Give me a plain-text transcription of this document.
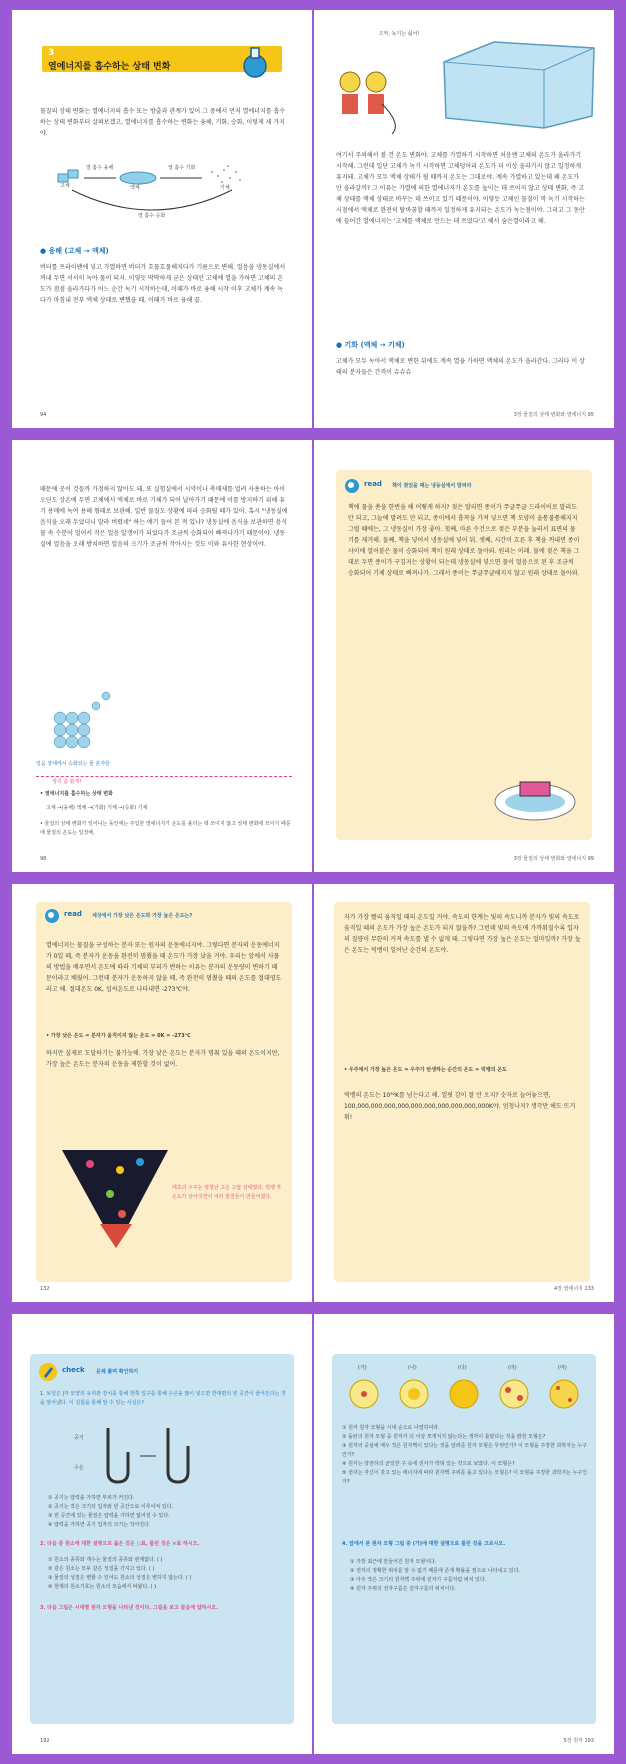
3
열에너지를 흡수하는 상태 변화
물질의 상태 변화는 열에너지의 흡수 또는 방출과 관계가 있어 그 중에서 먼저 열에너지를 흡수하는 상태 변화부터 살펴보겠고, 열에너지를 흡수하는 변화는 융해, 기화, 승화, 이렇게 세 가지야.
고체
열 흡수 융해
액체
열 흡수 기화
기체
열 흡수 승화
● 융해 (고체 → 액체)
버터를 프라이팬에 넣고 가열하면 버터가 흐물흐물해지다가 기름으로 변해. 얼음을 냉동실에서 꺼내 두면 서서히 녹아 물이 되지. 이렇듯 딱딱하게 굳은 상태인 고체에 열을 가하면 고체의 온도가 점점 올라가다가 어느 순간 녹기 시작하는데, 이때가 바로 융해 시작 이후 고체가 계속 녹다가 마침내 전부 액체 상태로 변했을 때, 이때가 바로 융해 끝.
94
으악, 녹기는 싫어!
여기서 주의해서 볼 건 온도 변화야. 고체를 가열하기 시작하면 처음엔 고체의 온도가 올라가기 시작해. 그런데 일단 고체가 녹기 시작하면 고체덩어리 온도가 더 이상 올라가지 않고 일정하게 유지돼. 고체가 모두 액체 상태가 될 때까지 온도는 그대로야. 계속 가열하고 있는데 왜 온도가 안 올라갈까? 그 이유는 가열에 의한 열에너지가 온도를 높이는 데 쓰이지 않고 상태 변화, 즉 고체 상태를 액체 상태로 바꾸는 데 쓰이고 있기 때문이야. 이렇듯 고체인 물질이 막 녹기 시작하는 시점에서 액체로 완전히 탈바꿈할 때까지 일정하게 유지되는 온도가 녹는점이야. 그리고 그 동안에 들어간 열에너지는 '고체를 액체로 만드는 데 쓰였다'고 해서 숨은열이라고 해.
● 기화 (액체 → 기체)
고체가 모두 녹아서 액체로 변한 뒤에도 계속 열을 가하면 액체의 온도가 올라간다. 그러다 이 상태의 분자들은 간격이 슈슈슈
3장 물질의 상태 변화와 열에너지 95
때문에 곳이 것들까 가정하지 않아도 돼. 또 실험실에서 시약이나 축매제를 얼려 사용하는 아이오딘도 상온에 두면 고체에서 액체로 바로 기체가 되어 날아가기 때문에 이를 방지하기 위해 유기 용매에 녹여 용해 형태로 보관해. 일반 물질도 상황에 따라 승화될 때가 있어. 혹시 "냉동실에 음식을 오래 두었더니 말라 버렸네" 하는 얘기 들어 본 적 있나? 냉동실에 음식을 보관하면 음식물 속 수분이 얼어서 작은 얼음 알갱이가 되었다가 조금씩 승화되어 빠져나가기 때문이야. 냉동실에 얼음을 오래 방치하면 얼음의 크기가 조금씩 작아지는 것도 이와 유사한 현상이야.
얼음 상태에서 승화되는 물 분자들
정리 좀 할게!
• 열에너지를 흡수하는 상태 변화
고체 →(융해) 액체 →(기화) 기체 →(승화) 기체
• 물질의 상태 변화가 일어나는 동안에는 주입한 열에너지가 온도를 올리는 데 쓰이지 않고 상태 변화에 쓰이기 때문에 물질의 온도는 일정해.
98
read 책이 젖었을 때는 냉동실에서 말려라
책에 물을 쏟을 한번을 해 어떻게 하지? 젖은 말리면 종이가 쭈글쭈글 드라이어로 말리도 안 되고, 그늘에 말려도 안 되고, 종이에서 흡착을 가져 넣으면 책 모양이 울퉁불퉁해지지 그럴 때에는, 그 냉동실이 가장 좋아. 첫째, 마른 수건으로 젖은 부분을 눌러서 표면의 물기를 제거해. 둘째, 책을 넣어서 냉동실에 넣어 둬. 셋째, 시간이 흐른 후 책을 꺼내면 종이 사이에 얼어붙은 물이 승화되어 책이 원래 상태로 돌아와. 원리는 이래. 물에 젖은 책을 그대로 두면 종이가 구김지는 상황이 되는데 냉동실에 넣으면 물이 얼음으로 된 후 조금씩 승화되어 기체 상태로 빠져나가. 그래서 종이는 쭈글쭈글해지지 않고 원래 상태로 돌아와.
3장 물질의 상태 변화와 열에너지 99
read 세상에서 가장 낮은 온도와 가장 높은 온도는?
열에너지는 물질을 구성하는 분자 또는 원자의 운동에너지야. 그렇다면 분자의 운동에너지가 0일 때, 즉 분자가 운동을 완전히 멈췄을 때 온도가 가장 낮을 거야. 우리는 앞에서 사물의 방법을 배우면서 온도에 따라 기체의 부피가 변하는 이유는 분자의 운동량이 변하기 때문이라고 배웠어. 그런데 분자가 운동하지 않을 때, 즉 완전히 멈췄을 때의 온도를 절대영도라고 해. 절대온도 0K, 섭씨온도로 나타내면 -273℃야.
• 가장 낮은 온도 = 분자가 움직이지 않는 온도 = 0K = -273℃
하지만 실제로 도달하기는 불가능해. 가장 낮은 온도는 분자가 멈춰 있을 때의 온도이지만, 가장 높은 온도는 분자의 운동을 제한할 것이 없어.
태초의 우주는 엄청난 고온 고압 상태였다. 빅뱅 후 온도가 낮아지면서 여러 물질들이 만들어졌다.
132
자가 가장 빨리 움직일 때의 온도일 거야. 속도의 한계는 빛의 속도니까 분자가 빛의 속도로 움직일 때의 온도가 가장 높은 온도가 되지 않을까? 그런데 빛의 속도에 가까워질수록 입자의 질량이 무한히 커져 속도를 낼 수 없게 돼. 그렇다면 가장 높은 온도는 얼마일까? 가장 높은 온도는 빅뱅이 일어난 순간의 온도야.
• 우주에서 가장 높은 온도 = 우주가 탄생하는 순간의 온도 = 빅뱅의 온도
빅뱅의 온도는 10³²K를 넘는다고 해. 얼핏 감이 잘 안 오지? 숫자로 늘어놓으면, 100,000,000,000,000,000,000,000,000,000,000K야. 엄청나지? 생각만 해도 뜨거워!
4장 열에너지 133
check 문제 풀며 확인하기
1. 보일은 J자 모양의 유리관 장치를 통해 한쪽 입구를 통해 수은을 많이 넣으면 반대편의 빈 공간이 줄어든다는 것을 알아냈다. 이 실험을 통해 알 수 있는 사실은?
공기
수은
① 공기는 압력을 가하면 부피가 커진다.
② 공기는 작은 크기의 입자와 빈 공간으로 이루어져 있다.
③ 빈 공간에 있는 물질은 압력을 가하면 없어질 수 있다.
④ 압력을 가하면 공기 입자의 크기는 작아진다.
2. 다음 중 원소에 대한 설명으로 옳은 것은 ○표, 틀린 것은 ×표 하시오.
① 원소의 종류와 개수는 물질의 종류와 관계없다. ( )
② 같은 원소는 모두 같은 성질을 가지고 있다. ( )
③ 물질의 성질은 변할 수 있어도 원소의 성질은 변하지 않는다. ( )
④ 현재의 원소기호는 원소의 모습에서 따왔다. ( )
3. 다음 그림은 시대별 원자 모형을 나타낸 것이다. 그림을 보고 물음에 답하시오.
192
(가)	(나)	(다)	(라)	(마)
① 원자 원자 모형을 시대 순으로 나열하여라.
② 돌턴의 원자 모형 중 원자가 더 이상 쪼개지지 않는다는 생각이 틀렸다는 것을 밝힌 모형은?
③ 원자의 중심에 매우 작은 원자핵이 있다는 것을 알려준 원자 모형은 무엇인가? 이 모형을 주장한 과학자는 누구인가?
④ 원자는 양전하의 균일한 구 속에 전자가 박혀 있는 것으로 보았다. 이 모형은?
⑤ 전자는 자신이 갖고 있는 에너지에 따라 원자핵 주위를 돌고 있다는 모형은? 이 모형을 주장한 과학자는 누구인가?
4. 앞에서 본 원자 모형 그림 중 (가)에 대한 설명으로 틀린 것을 고르시오.
① 가장 최근에 만들어진 원자 모형이다.
② 전자의 정확한 위치를 알 수 없기 때문에 존재 확률을 점으로 나타내고 있다.
③ 아주 작은 크기의 원자핵 주위에 전자가 구름처럼 퍼져 있다.
④ 원자 주위의 전자구름은 전자구름의 위치이다.
5장 원자 193
